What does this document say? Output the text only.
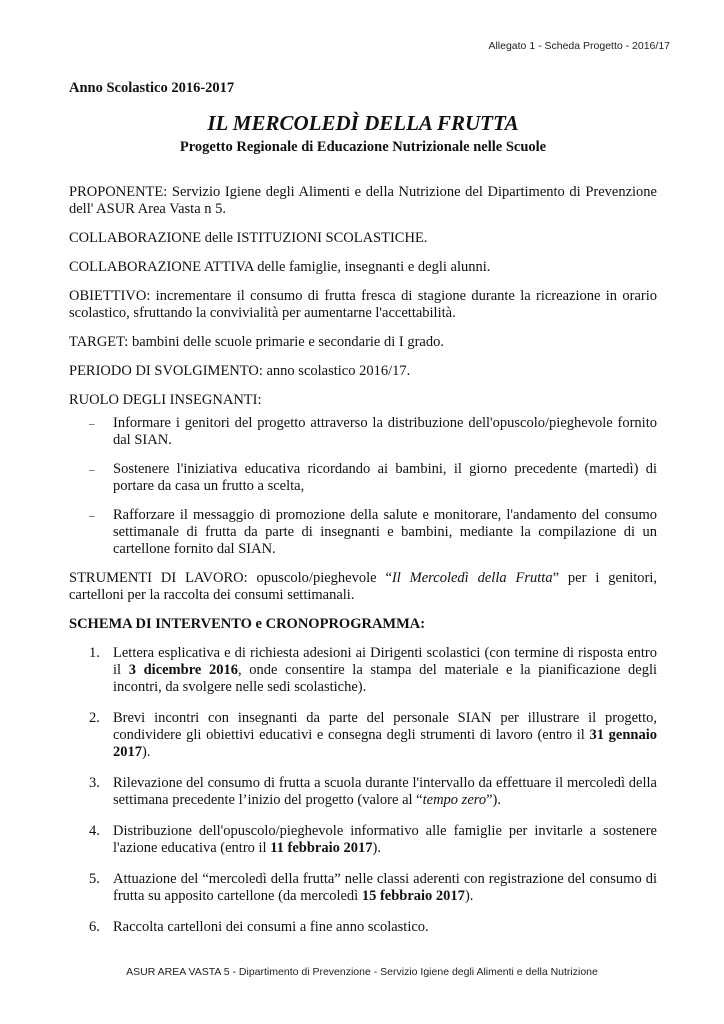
Allegato 1 - Scheda Progetto - 2016/17
Anno Scolastico 2016-2017
IL MERCOLEDÌ DELLA FRUTTA
Progetto Regionale di Educazione Nutrizionale nelle Scuole

PROPONENTE: Servizio Igiene degli Alimenti e della Nutrizione del Dipartimento di Prevenzione dell' ASUR Area Vasta n 5.

COLLABORAZIONE delle ISTITUZIONI SCOLASTICHE.

COLLABORAZIONE ATTIVA delle famiglie, insegnanti e degli alunni.

OBIETTIVO: incrementare il consumo di frutta fresca di stagione durante la ricreazione in orario scolastico, sfruttando la convivialità per aumentarne l'accettabilità.

TARGET: bambini delle scuole primarie e secondarie di I grado.

PERIODO DI SVOLGIMENTO: anno scolastico 2016/17.

RUOLO DEGLI INSEGNANTI:

– Informare i genitori del progetto attraverso la distribuzione dell'opuscolo/pieghevole fornito dal SIAN.
– Sostenere l'iniziativa educativa ricordando ai bambini, il giorno precedente (martedì) di portare da casa un frutto a scelta,
– Rafforzare il messaggio di promozione della salute e monitorare, l'andamento del consumo settimanale di frutta da parte di insegnanti e bambini, mediante la compilazione di un cartellone fornito dal SIAN.

STRUMENTI DI LAVORO: opuscolo/pieghevole “Il Mercoledì della Frutta” per i genitori, cartelloni per la raccolta dei consumi settimanali.

SCHEMA DI INTERVENTO e CRONOPROGRAMMA:
1. Lettera esplicativa e di richiesta adesioni ai Dirigenti scolastici (con termine di risposta entro il 3 dicembre 2016, onde consentire la stampa del materiale e la pianificazione degli incontri, da svolgere nelle sedi scolastiche).
2. Brevi incontri con insegnanti da parte del personale SIAN per illustrare il progetto, condividere gli obiettivi educativi e consegna degli strumenti di lavoro (entro il 31 gennaio 2017).
3. Rilevazione del consumo di frutta a scuola durante l'intervallo da effettuare il mercoledì della settimana precedente l’inizio del progetto (valore al “tempo zero”).
4. Distribuzione dell'opuscolo/pieghevole informativo alle famiglie per invitarle a sostenere l'azione educativa (entro il 11 febbraio 2017).
5. Attuazione del “mercoledì della frutta” nelle classi aderenti con registrazione del consumo di frutta su apposito cartellone (da mercoledì 15 febbraio 2017).
6. Raccolta cartelloni dei consumi a fine anno scolastico.
ASUR AREA VASTA 5 - Dipartimento di Prevenzione - Servizio Igiene degli Alimenti e della Nutrizione
